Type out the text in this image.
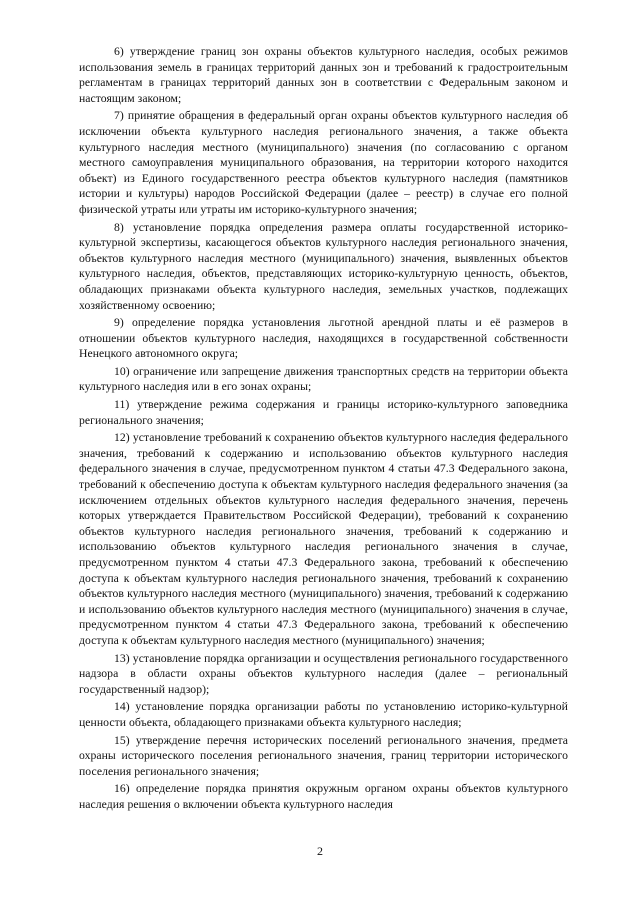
6) утверждение границ зон охраны объектов культурного наследия, особых режимов использования земель в границах территорий данных зон и требований к градостроительным регламентам в границах территорий данных зон в соответствии с Федеральным законом и настоящим законом;

7) принятие обращения в федеральный орган охраны объектов культурного наследия об исключении объекта культурного наследия регионального значения, а также объекта культурного наследия местного (муниципального) значения (по согласованию с органом местного самоуправления муниципального образования, на территории которого находится объект) из Единого государственного реестра объектов культурного наследия (памятников истории и культуры) народов Российской Федерации (далее – реестр) в случае его полной физической утраты или утраты им историко-культурного значения;

8) установление порядка определения размера оплаты государственной историко-культурной экспертизы, касающегося объектов культурного наследия регионального значения, объектов культурного наследия местного (муниципального) значения, выявленных объектов культурного наследия, объектов, представляющих историко-культурную ценность, объектов, обладающих признаками объекта культурного наследия, земельных участков, подлежащих хозяйственному освоению;

9) определение порядка установления льготной арендной платы и её размеров в отношении объектов культурного наследия, находящихся в государственной собственности Ненецкого автономного округа;

10) ограничение или запрещение движения транспортных средств на территории объекта культурного наследия или в его зонах охраны;

11) утверждение режима содержания и границы историко-культурного заповедника регионального значения;

12) установление требований к сохранению объектов культурного наследия федерального значения, требований к содержанию и использованию объектов культурного наследия федерального значения в случае, предусмотренном пунктом 4 статьи 47.3 Федерального закона, требований к обеспечению доступа к объектам культурного наследия федерального значения (за исключением отдельных объектов культурного наследия федерального значения, перечень которых утверждается Правительством Российской Федерации), требований к сохранению объектов культурного наследия регионального значения, требований к содержанию и использованию объектов культурного наследия регионального значения в случае, предусмотренном пунктом 4 статьи 47.3 Федерального закона, требований к обеспечению доступа к объектам культурного наследия регионального значения, требований к сохранению объектов культурного наследия местного (муниципального) значения, требований к содержанию и использованию объектов культурного наследия местного (муниципального) значения в случае, предусмотренном пунктом 4 статьи 47.3 Федерального закона, требований к обеспечению доступа к объектам культурного наследия местного (муниципального) значения;

13) установление порядка организации и осуществления регионального государственного надзора в области охраны объектов культурного наследия (далее – региональный государственный надзор);

14) установление порядка организации работы по установлению историко-культурной ценности объекта, обладающего признаками объекта культурного наследия;

15) утверждение перечня исторических поселений регионального значения, предмета охраны исторического поселения регионального значения, границ территории исторического поселения регионального значения;

16) определение порядка принятия окружным органом охраны объектов культурного наследия решения о включении объекта культурного наследия

2
